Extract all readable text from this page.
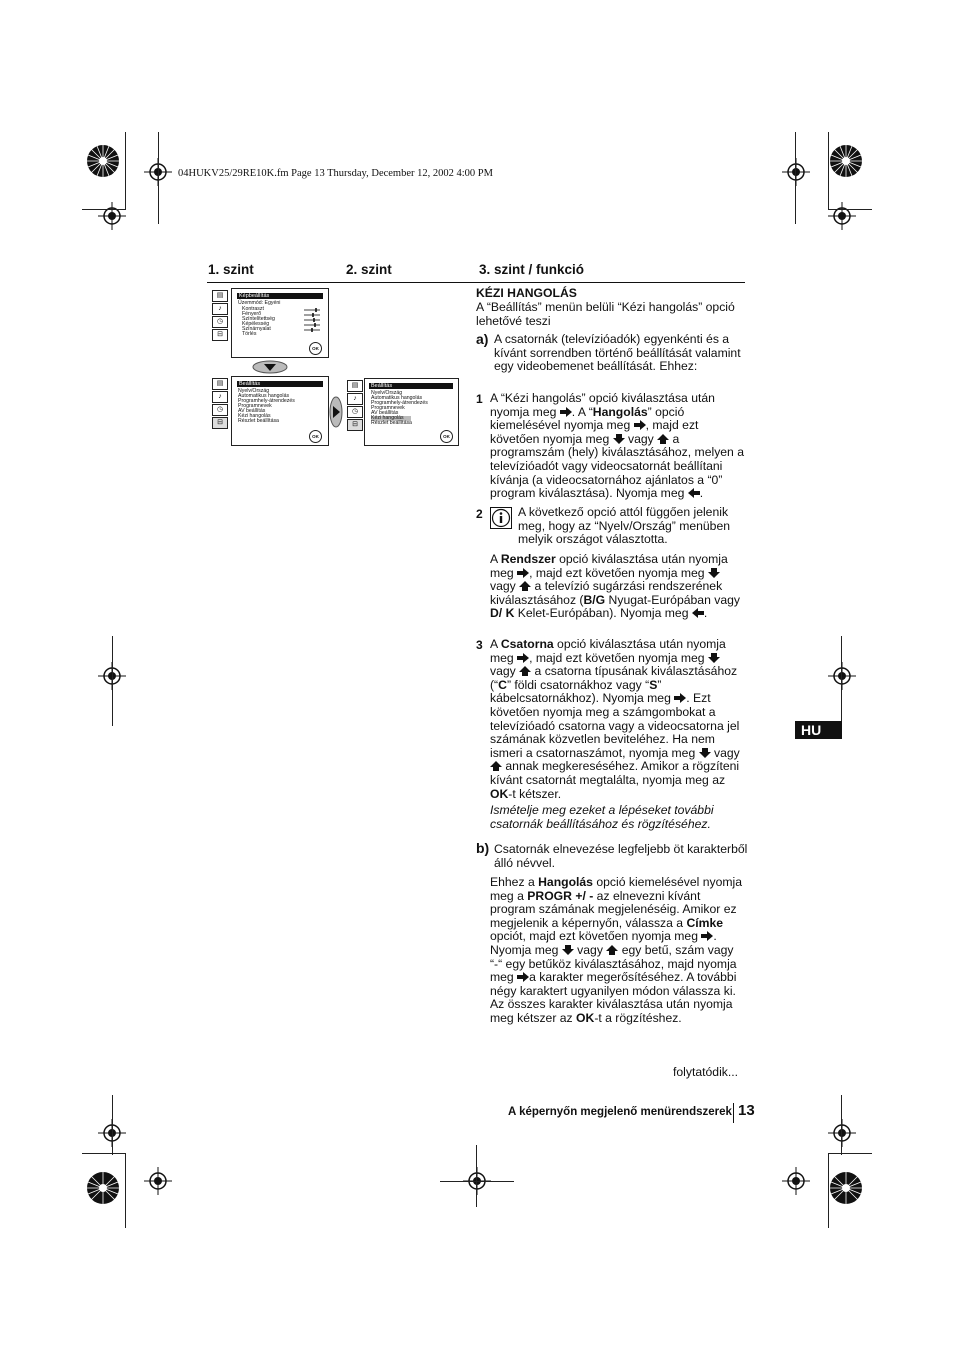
04HUKV25/29RE10K.fm Page 13 Thursday, December 12, 2002 4:00 PM
1. szint	2. szint	3. szint / funkció
▤
♪
◷
⊟
Képbeállítás
Üzemmód: Egyéni
Kontraszt
Fényerő
Színtelítettség
Képélesség
Színárnyalat
Törlés
OK
▤
♪
◷
⊟
Beállítás
Nyelv/Ország
Automatikus hangolás
Programhely-átrendezés
Programnevek
AV beállítás
Kézi hangolás
Részlet beállítása
OK
▤
♪
◷
⊟
Beállítás
Nyelv/Ország
Automatikus hangolás
Programhely-átrendezés
Programnevek
AV beállítás
Kézi hangolás
Részlet beállítása
OK
KÉZI HANGOLÁS
A “Beállítás” menün belüli “Kézi hangolás” opció lehetővé teszi
a) A csatornák (televízióadók) egyenkénti és a kívánt sorrendben történő beállítását valamint egy videobemenet beállítását. Ehhez:
1 A “Kézi hangolás” opció kiválasztása után nyomja meg . A “Hangolás” opció kiemelésével nyomja meg , majd ezt követően nyomja meg  vagy  a programszám (hely) kiválasztásához, melyen a televízióadót vagy videocsatornát beállítani kívánja (a videocsatornához ajánlatos a “0” program kiválasztása). Nyomja meg .
2	A következő opció attól függően jelenik meg, hogy az “Nyelv/Ország” menüben melyik országot választotta.
A Rendszer opció kiválasztása után nyomja meg , majd ezt követően nyomja meg  vagy  a televízió sugárzási rendszerének kiválasztásához (B/G Nyugat-Európában vagy D/ K Kelet-Európában). Nyomja meg .
3 A Csatorna opció kiválasztása után nyomja meg , majd ezt követően nyomja meg  vagy  a csatorna típusának kiválasztásához (“C” földi csatornákhoz vagy “S” kábelcsatornákhoz). Nyomja meg . Ezt követően nyomja meg a számgombokat a televízióadó csatorna vagy a videocsatorna jel számának közvetlen beviteléhez. Ha nem ismeri a csatornaszámot, nyomja meg  vagy  annak megkereséséhez. Amikor a rögzíteni kívánt csatornát megtalálta, nyomja meg az OK-t kétszer.
Ismételje meg ezeket a lépéseket további csatornák beállításához és rögzítéséhez.
b) Csatornák elnevezése legfeljebb öt karakterből álló névvel.
Ehhez a Hangolás opció kiemelésével nyomja meg a PROGR +/ - az elnevezni kívánt program számának megjelenéséig. Amikor ez megjelenik a képernyőn, válassza a Címke opciót, majd ezt követően nyomja meg . Nyomja meg  vagy  egy betű, szám vagy “-“ egy betűköz kiválasztásához, majd nyomja meg a karakter megerősítéséhez. A további négy karaktert ugyanilyen módon válassza ki. Az összes karakter kiválasztása után nyomja meg kétszer az OK-t a rögzítéshez.
folytatódik...
HU
A képernyőn megjelenő menürendszerek 13
